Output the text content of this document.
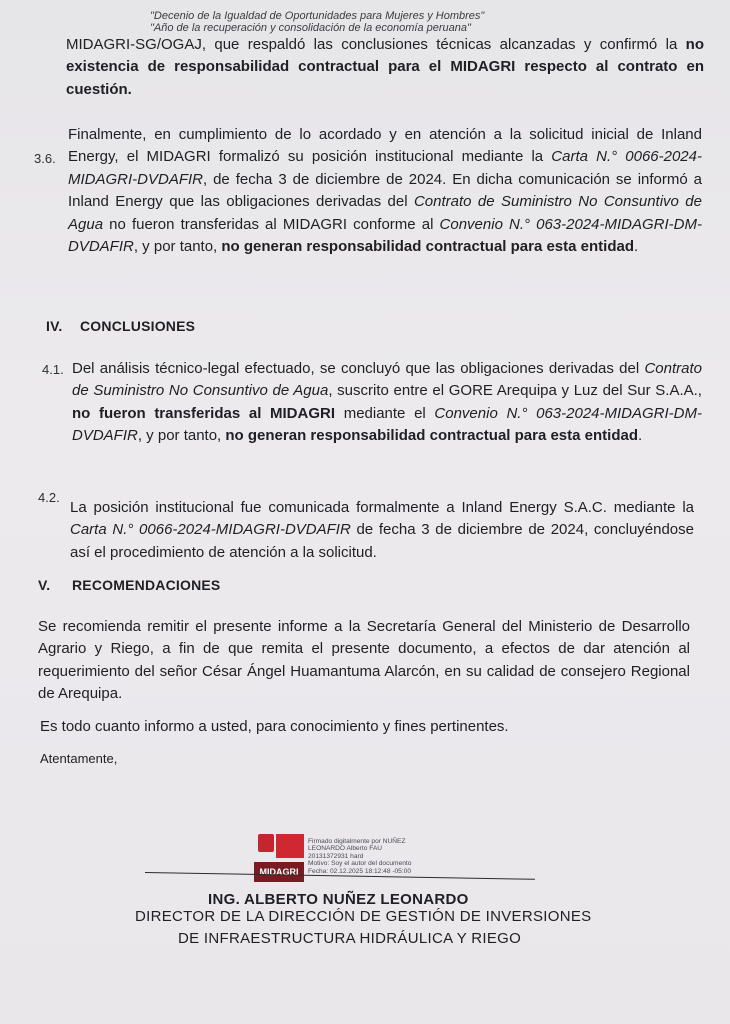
"Decenio de la Igualdad de Oportunidades para Mujeres y Hombres"
"Año de la recuperación y consolidación de la economía peruana"
MIDAGRI-SG/OGAJ, que respaldó las conclusiones técnicas alcanzadas y confirmó la no existencia de responsabilidad contractual para el MIDAGRI respecto al contrato en cuestión.
3.6.
Finalmente, en cumplimiento de lo acordado y en atención a la solicitud inicial de Inland Energy, el MIDAGRI formalizó su posición institucional mediante la Carta N.° 0066-2024-MIDAGRI-DVDAFIR, de fecha 3 de diciembre de 2024. En dicha comunicación se informó a Inland Energy que las obligaciones derivadas del Contrato de Suministro No Consuntivo de Agua no fueron transferidas al MIDAGRI conforme al Convenio N.° 063-2024-MIDAGRI-DM-DVDAFIR, y por tanto, no generan responsabilidad contractual para esta entidad.
IV. CONCLUSIONES
4.1. Del análisis técnico-legal efectuado, se concluyó que las obligaciones derivadas del Contrato de Suministro No Consuntivo de Agua, suscrito entre el GORE Arequipa y Luz del Sur S.A.A., no fueron transferidas al MIDAGRI mediante el Convenio N.° 063-2024-MIDAGRI-DM-DVDAFIR, y por tanto, no generan responsabilidad contractual para esta entidad.
4.2.
La posición institucional fue comunicada formalmente a Inland Energy S.A.C. mediante la Carta N.° 0066-2024-MIDAGRI-DVDAFIR de fecha 3 de diciembre de 2024, concluyéndose así el procedimiento de atención a la solicitud.
V. RECOMENDACIONES
Se recomienda remitir el presente informe a la Secretaría General del Ministerio de Desarrollo Agrario y Riego, a fin de que remita el presente documento, a efectos de dar atención al requerimiento del señor César Ángel Huamantuma Alarcón, en su calidad de consejero Regional de Arequipa.
Es todo cuanto informo a usted, para conocimiento y fines pertinentes.
Atentamente,
MIDAGRI
Firmado digitalmente por NUÑEZ
LEONARDO Alberto FAU
20131372931 hard
Motivo: Soy el autor del documento
Fecha: 02.12.2025 18:12:48 -05:00
ING. ALBERTO NUÑEZ LEONARDO
DIRECTOR DE LA DIRECCIÓN DE GESTIÓN DE INVERSIONES
DE INFRAESTRUCTURA HIDRÁULICA Y RIEGO
